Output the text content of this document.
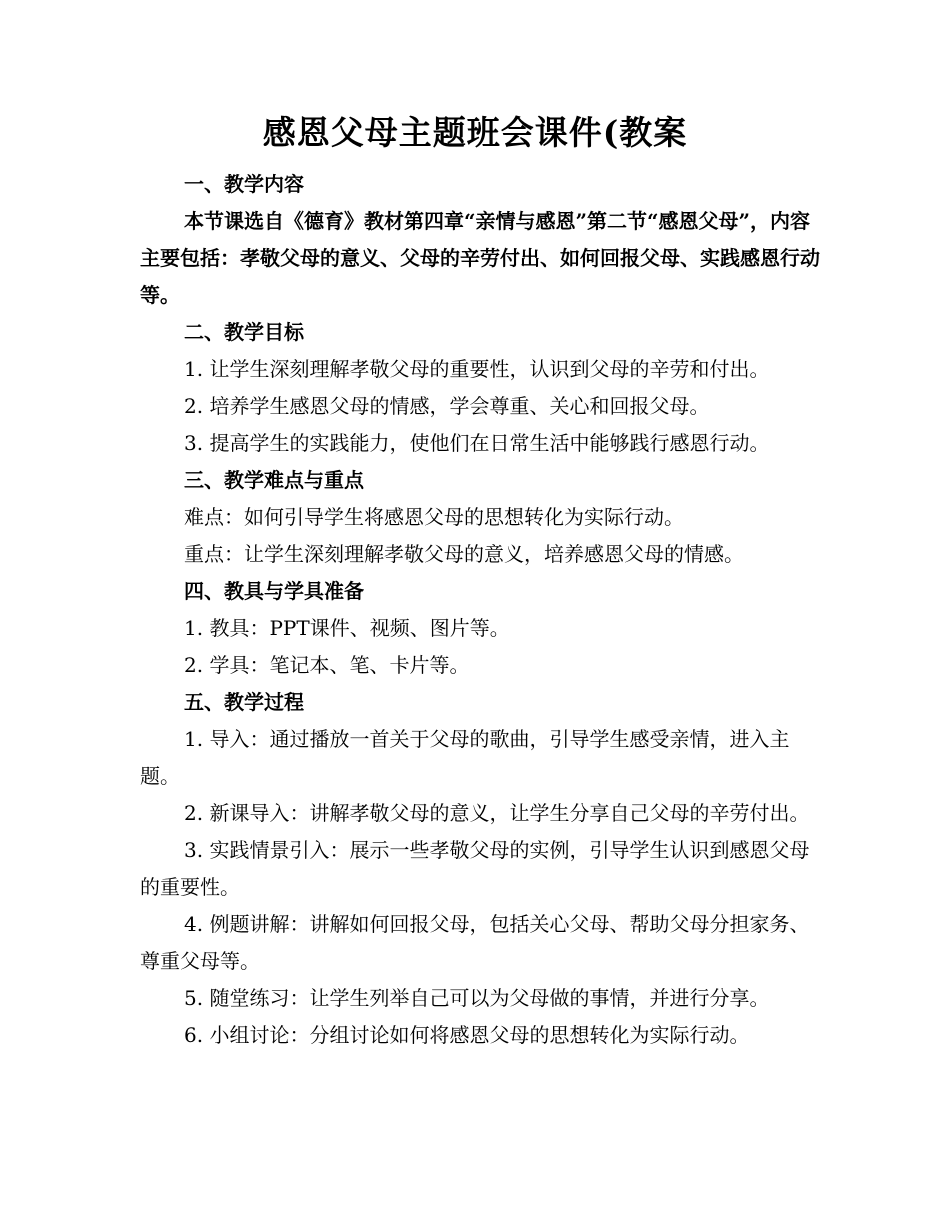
感恩父母主题班会课件(教案

一、教学内容

本节课选自《德育》教材第四章“亲情与感恩”第二节“感恩父母”，内容主要包括：孝敬父母的意义、父母的辛劳付出、如何回报父母、实践感恩行动等。

二、教学目标

1. 让学生深刻理解孝敬父母的重要性，认识到父母的辛劳和付出。

2. 培养学生感恩父母的情感，学会尊重、关心和回报父母。

3. 提高学生的实践能力，使他们在日常生活中能够践行感恩行动。

三、教学难点与重点

难点：如何引导学生将感恩父母的思想转化为实际行动。

重点：让学生深刻理解孝敬父母的意义，培养感恩父母的情感。

四、教具与学具准备

1. 教具：PPT课件、视频、图片等。

2. 学具：笔记本、笔、卡片等。

五、教学过程

1. 导入：通过播放一首关于父母的歌曲，引导学生感受亲情，进入主题。

2. 新课导入：讲解孝敬父母的意义，让学生分享自己父母的辛劳付出。

3. 实践情景引入：展示一些孝敬父母的实例，引导学生认识到感恩父母的重要性。

4. 例题讲解：讲解如何回报父母，包括关心父母、帮助父母分担家务、尊重父母等。

5. 随堂练习：让学生列举自己可以为父母做的事情，并进行分享。

6. 小组讨论：分组讨论如何将感恩父母的思想转化为实际行动。
